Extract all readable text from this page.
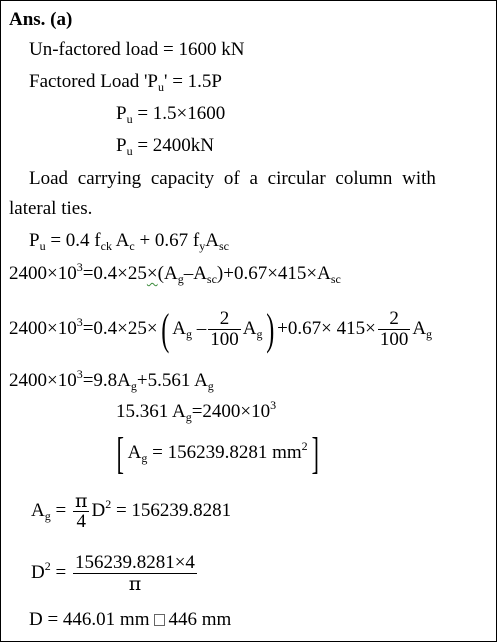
Ans. (a)
Un-factored load = 1600 kN
Factored Load '$P_u' = 1.5P$
$P_u = 1.5\times 1600$
$P_u = 2400kN$
Load carrying capacity of a circular column with
lateral ties.
$P_u = 0.4$ $f_{ck}$ $A_c + 0.67$ $f_yA_{sc}$
$2400\times 10^3=0.4\times 25\times(A_g-A_{sc})+0.67\times 415\times A_{sc}$
$2400\times 10^3=0.4\times 25\times$( $A_g - \frac{2}{100} A_g) +0.67\times 415\times \frac{2}{100} A_g$
$2400\times 10^3=9.8A_g+5.561$ $A_g$
15.361 $A_g=2400\times 10^3$
[ $A_g = 156239.8281$ $mm^2$]
$A_g = \frac{\pi}{4} D^2 = 156239.8281$
$D^2 = \frac{156239.8281\times 4}{\pi}$
D = 446.01 mm 446 mm
